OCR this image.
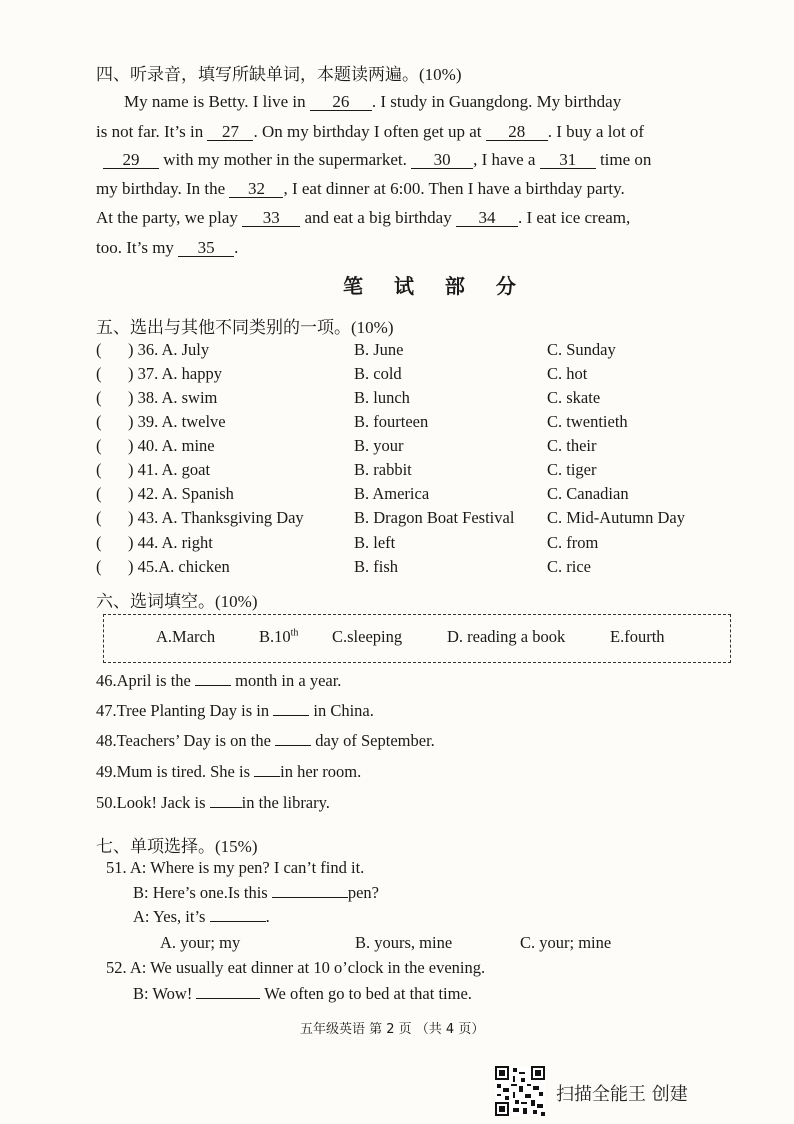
四、听录音，填写所缺单词，本题读两遍。(10%)
My name is Betty. I live in 26 . I study in Guangdong. My birthday
is not far. It’s in 27 . On my birthday I often get up at 28 . I buy a lot of
29 with my mother in the supermarket. 30 , I have a 31 time on
my birthday. In the 32 , I eat dinner at 6:00. Then I have a birthday party.
At the party, we play 33 and eat a big birthday 34 . I eat ice cream,
too. It’s my 35 .
笔 试 部 分
五、选出与其他不同类别的一项。(10%)
( ) 36. A. July	B. June	C. Sunday
( ) 37. A. happy	B. cold	C. hot
( ) 38. A. swim	B. lunch	C. skate
( ) 39. A. twelve	B. fourteen	C. twentieth
( ) 40. A. mine	B. your	C. their
( ) 41. A. goat	B. rabbit	C. tiger
( ) 42. A. Spanish	B. America	C. Canadian
( ) 43. A. Thanksgiving Day	B. Dragon Boat Festival C. Mid-Autumn Day
( ) 44. A. right	B. left	C. from
( ) 45.A. chicken	B. fish	C. rice
六、选词填空。(10%)
A.March	B.10th C.sleeping	D. reading a book	E.fourth
46.April is the  month in a year.
47.Tree Planting Day is in  in China.
48.Teachers’ Day is on the  day of September.
49.Mum is tired. She is in her room.
50.Look! Jack is in the library.
七、单项选择。(15%)
51. A: Where is my pen? I can’t find it.
B: Here’s one.Is this	pen?
A: Yes, it’s	.
A. your; my	B. yours, mine	C. your; mine
52. A: We usually eat dinner at 10 o’clock in the evening.
B: Wow!	We often go to bed at that time.
五年级英语 第 2 页 （共 4 页）
扫描全能王 创建
